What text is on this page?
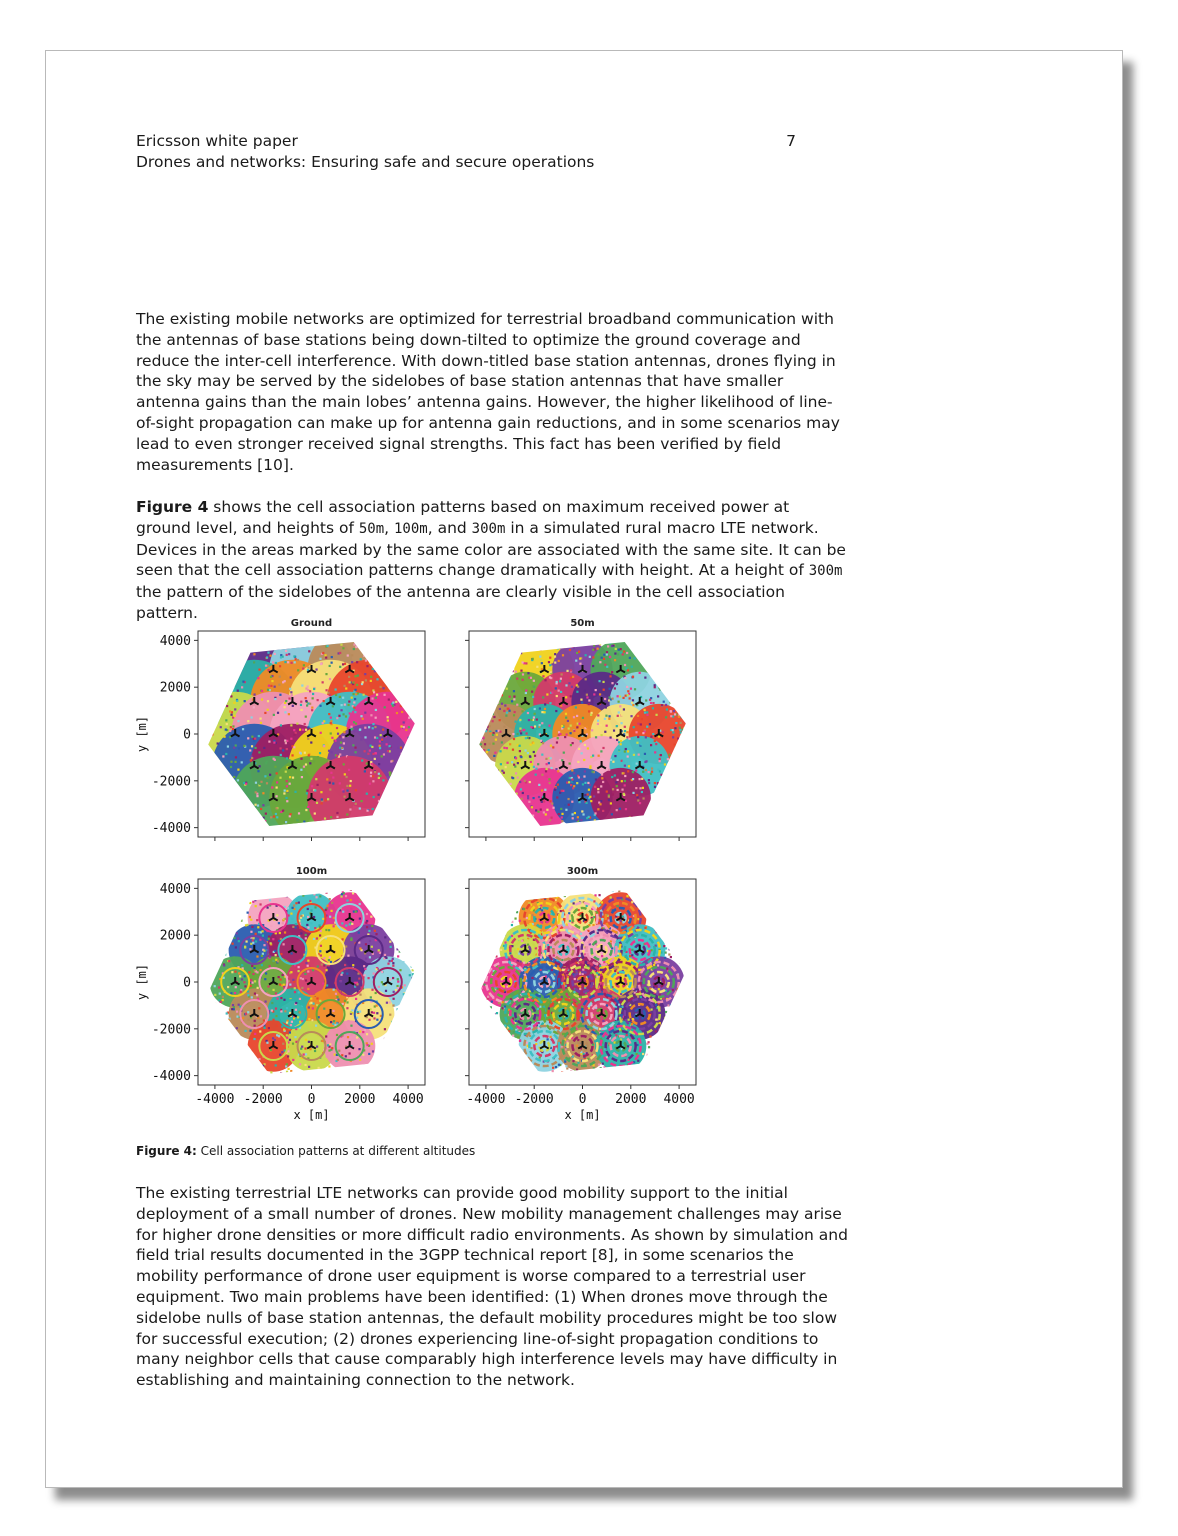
Ericsson white paper
Drones and networks: Ensuring safe and secure operations
7

The existing mobile networks are optimized for terrestrial broadband communication with the antennas of base stations being down-tilted to optimize the ground coverage and reduce the inter-cell interference. With down-titled base station antennas, drones flying in the sky may be served by the sidelobes of base station antennas that have smaller antenna gains than the main lobes’ antenna gains. However, the higher likelihood of line-of-sight propagation can make up for antenna gain reductions, and in some scenarios may lead to even stronger received signal strengths. This fact has been verified by field measurements [10].

Figure 4 shows the cell association patterns based on maximum received power at ground level, and heights of 50m, 100m, and 300m in a simulated rural macro LTE network. Devices in the areas marked by the same color are associated with the same site. It can be seen that the cell association patterns change dramatically with height. At a height of 300m the pattern of the sidelobes of the antenna are clearly visible in the cell association pattern.

Ground
4000
2000
0
-2000
-4000
y [m]
50m
100m
4000
2000
0
-2000
-4000
y [m]
-4000 -2000 0 2000 4000
x [m]
300m
-4000 -2000 0 2000 4000
x [m]
Figure 4: Cell association patterns at different altitudes

The existing terrestrial LTE networks can provide good mobility support to the initial deployment of a small number of drones. New mobility management challenges may arise for higher drone densities or more difficult radio environments. As shown by simulation and field trial results documented in the 3GPP technical report [8], in some scenarios the mobility performance of drone user equipment is worse compared to a terrestrial user equipment. Two main problems have been identified: (1) When drones move through the sidelobe nulls of base station antennas, the default mobility procedures might be too slow for successful execution; (2) drones experiencing line-of-sight propagation conditions to many neighbor cells that cause comparably high interference levels may have difficulty in establishing and maintaining connection to the network.
